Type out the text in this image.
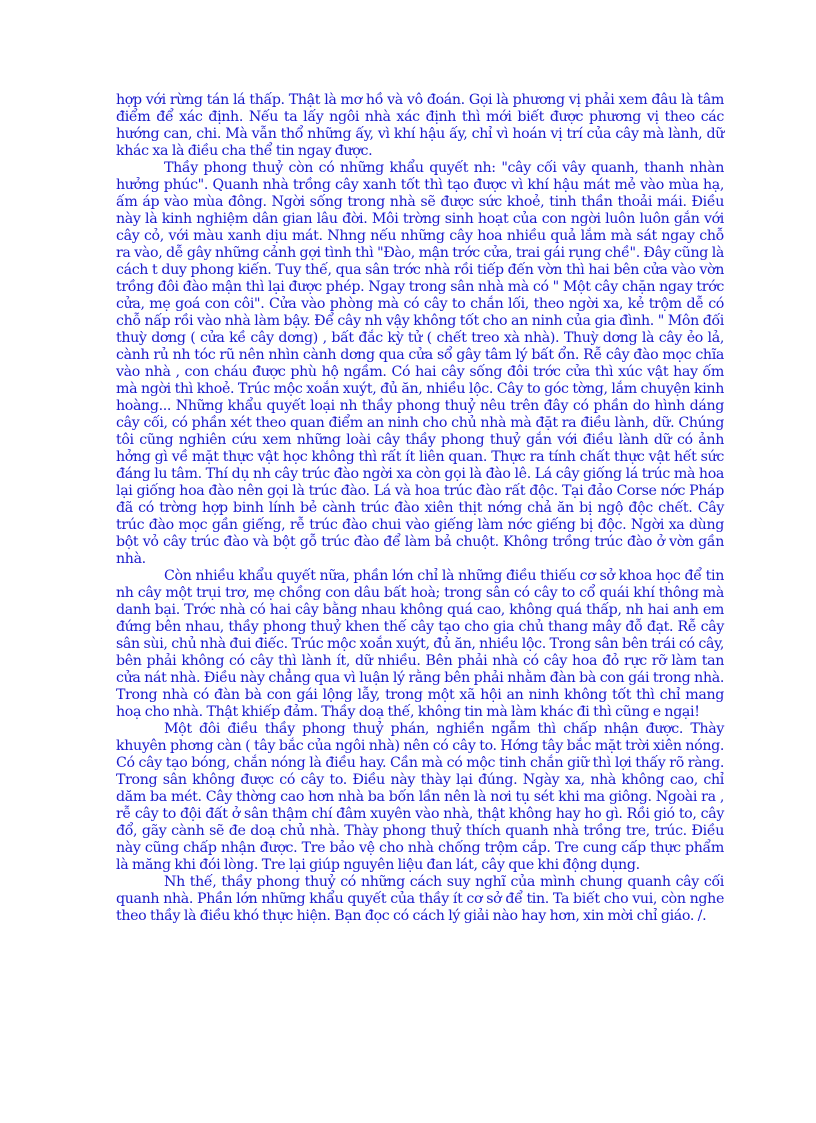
hợp với rừng tán lá thấp. Thật là mơ hồ và vô đoán. Gọi là phương vị phải xem đâu là tâm điểm để xác định. Nếu ta lấy ngôi nhà xác định thì mới biết được phương vị theo các hướng can, chi. Mà vẫn thổ những ấy, vì khí hậu ấy, chỉ vì hoán vị trí của cây mà lành, dữ khác xa là điều cha thể tin ngay được.

Thầy phong thuỷ còn có những khẩu quyết nh: "cây cối vây quanh, thanh nhàn hưởng phúc". Quanh nhà trồng cây xanh tốt thì tạo được vì khí hậu mát mẻ vào mùa hạ, ấm áp vào mùa đông. Ngời sống trong nhà sẽ được sức khoẻ, tinh thần thoải mái. Điều này là kinh nghiệm dân gian lâu đời. Môi trờng sinh hoạt của con ngời luôn luôn gắn với cây cỏ, với màu xanh dịu mát. Nhng nếu những cây hoa nhiều quả lắm mà sát ngay chỗ ra vào, dễ gây những cảnh gợi tình thì "Đào, mận trớc cửa, trai gái rụng chề". Đây cũng là cách t duy phong kiến. Tuy thế, qua sân trớc nhà rồi tiếp đến vờn thì hai bên cửa vào vờn trồng đôi đào mận thì lại được phép. Ngay trong sân nhà mà có " Một cây chặn ngay trớc cửa, mẹ goá con côi". Cửa vào phòng mà có cây to chắn lối, theo ngời xa, kẻ trộm dễ có chỗ nấp rồi vào nhà làm bậy. Để cây nh vậy không tốt cho an ninh của gia đình. " Môn đối thuỳ dơng ( cửa kề cây dơng) , bất đắc kỳ tử ( chết treo xà nhà). Thuỳ dơng là cây ẻo lả, cành rủ nh tóc rũ nên nhìn cành dơng qua cửa sổ gây tâm lý bất ổn. Rễ cây đào mọc chĩa vào nhà , con cháu được phù hộ ngầm. Có hai cây sống đôi trớc cửa thì xúc vật hay ốm mà ngời thì khoẻ. Trúc mộc xoắn xuýt, đủ ăn, nhiều lộc. Cây to góc tờng, lắm chuyện kinh hoàng... Những khẩu quyết loại nh thầy phong thuỷ nêu trên đây có phần do hình dáng cây cối, có phần xét theo quan điểm an ninh cho chủ nhà mà đặt ra điều lành, dữ. Chúng tôi cũng nghiên cứu xem những loài cây thầy phong thuỷ gắn với điều lành dữ có ảnh hởng gì về mặt thực vật học không thì rất ít liên quan. Thực ra tính chất thực vật hết sức đáng lu tâm. Thí dụ nh cây trúc đào ngời xa còn gọi là đào lê. Lá cây giống lá trúc mà hoa lại giống hoa đào nên gọi là trúc đào. Lá và hoa trúc đào rất độc. Tại đảo Corse nớc Pháp đã có trờng hợp binh lính bẻ cành trúc đào xiên thịt nớng chả ăn bị ngộ độc chết. Cây trúc đào mọc gần giếng, rễ trúc đào chui vào giếng làm nớc giếng bị độc. Ngời xa dùng bột vỏ cây trúc đào và bột gỗ trúc đào để làm bả chuột. Không trồng trúc đào ở vờn gần nhà.

Còn nhiều khẩu quyết nữa, phần lớn chỉ là những điều thiếu cơ sở khoa học để tin nh cây một trụi trơ, mẹ chồng con dâu bất hoà; trong sân có cây to cổ quái khí thông mà danh bại. Trớc nhà có hai cây bằng nhau không quá cao, không quá thấp, nh hai anh em đứng bên nhau, thầy phong thuỷ khen thế cây tạo cho gia chủ thang mây đỗ đạt. Rễ cây sân sùi, chủ nhà đui điếc. Trúc mộc xoắn xuýt, đủ ăn, nhiều lộc. Trong sân bên trái có cây, bên phải không có cây thì lành ít, dữ nhiều. Bên phải nhà có cây hoa đỏ rực rỡ làm tan cửa nát nhà. Điều này chẳng qua vì luận lý rằng bên phải nhằm đàn bà con gái trong nhà. Trong nhà có đàn bà con gái lộng lẫy, trong một xã hội an ninh không tốt thì chỉ mang hoạ cho nhà. Thật khiếp đảm. Thầy doạ thế, không tin mà làm khác đi thì cũng e ngại!

Một đôi điều thầy phong thuỷ phán, nghiền ngẫm thì chấp nhận được. Thày khuyên phơng càn ( tây bắc của ngôi nhà) nên có cây to. Hớng tây bắc mặt trời xiên nóng. Có cây tạo bóng, chắn nóng là điều hay. Cần mà có mộc tinh chắn giữ thì lợi thấy rõ ràng. Trong sân không được có cây to. Điều này thày lại đúng. Ngày xa, nhà không cao, chỉ dăm ba mét. Cây thờng cao hơn nhà ba bốn lần nên là nơi tụ sét khi ma giông. Ngoài ra , rễ cây to đội đất ở sân thậm chí đâm xuyên vào nhà, thật không hay ho gì. Rồi gió to, cây đổ, gãy cành sẽ đe doạ chủ nhà. Thày phong thuỷ thích quanh nhà trồng tre, trúc. Điều này cũng chấp nhận được. Tre bảo vệ cho nhà chống trộm cắp. Tre cung cấp thực phẩm là măng khi đói lòng. Tre lại giúp nguyên liệu đan lát, cây que khi động dụng.

Nh thế, thầy phong thuỷ có những cách suy nghĩ của mình chung quanh cây cối quanh nhà. Phần lớn những khẩu quyết của thầy ít cơ sở để tin. Ta biết cho vui, còn nghe theo thầy là điều khó thực hiện. Bạn đọc có cách lý giải nào hay hơn, xin mời chỉ giáo. /.
